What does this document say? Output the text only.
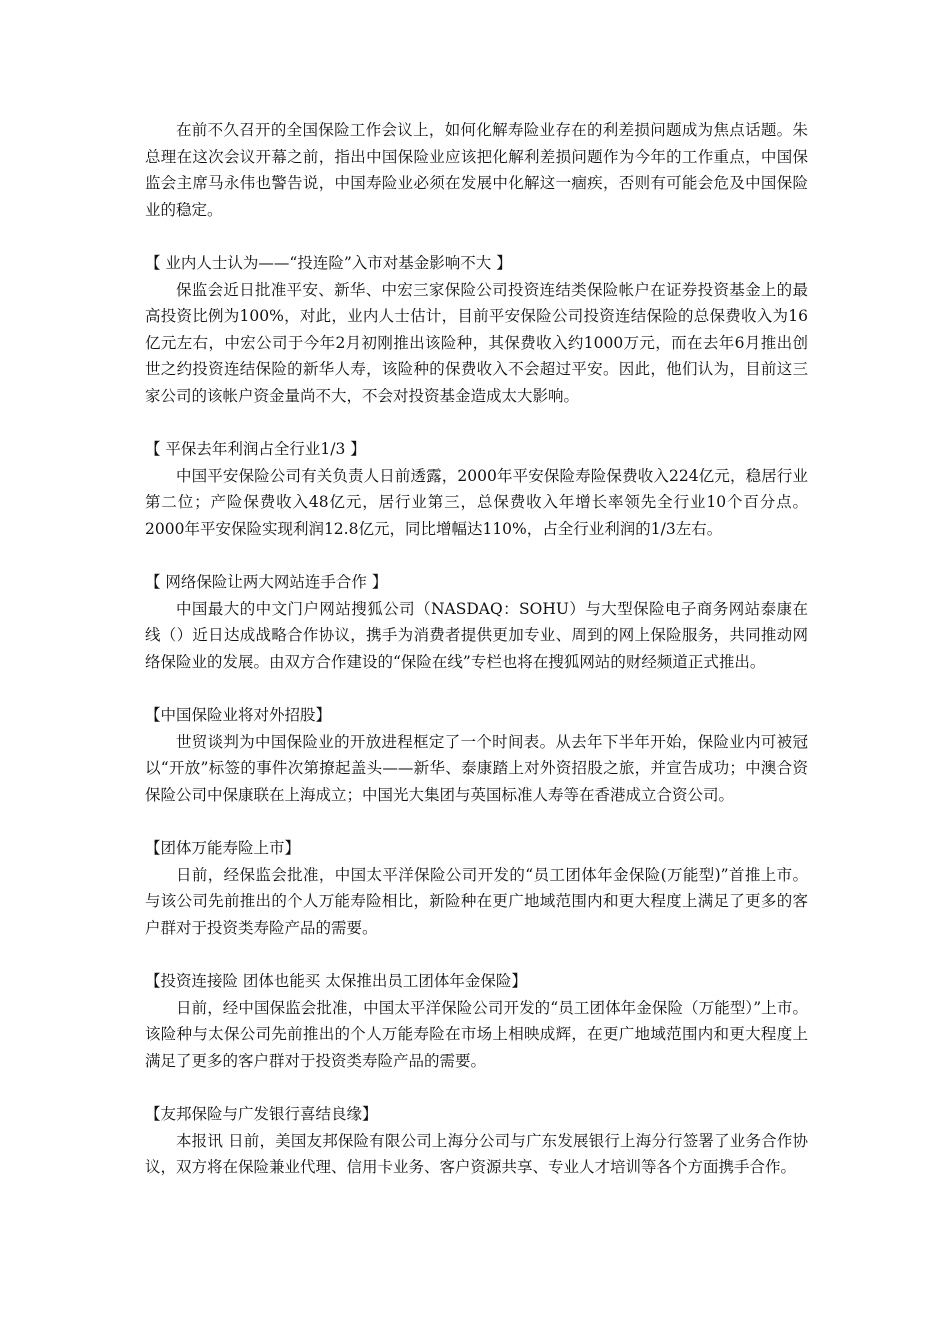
在前不久召开的全国保险工作会议上，如何化解寿险业存在的利差损问题成为焦点话题。朱总理在这次会议开幕之前，指出中国保险业应该把化解利差损问题作为今年的工作重点，中国保监会主席马永伟也警告说，中国寿险业必须在发展中化解这一痼疾，否则有可能会危及中国保险业的稳定。

【 业内人士认为——“投连险”入市对基金影响不大 】

保监会近日批准平安、新华、中宏三家保险公司投资连结类保险帐户在证券投资基金上的最高投资比例为100%，对此，业内人士估计，目前平安保险公司投资连结保险的总保费收入为16亿元左右，中宏公司于今年2月初刚推出该险种，其保费收入约1000万元，而在去年6月推出创世之约投资连结保险的新华人寿，该险种的保费收入不会超过平安。因此，他们认为，目前这三家公司的该帐户资金量尚不大，不会对投资基金造成太大影响。

【 平保去年利润占全行业1/3 】

中国平安保险公司有关负责人日前透露，2000年平安保险寿险保费收入224亿元，稳居行业第二位；产险保费收入48亿元，居行业第三，总保费收入年增长率领先全行业10个百分点。2000年平安保险实现利润12.8亿元，同比增幅达110%，占全行业利润的1/3左右。

【 网络保险让两大网站连手合作 】

中国最大的中文门户网站搜狐公司（NASDAQ：SOHU）与大型保险电子商务网站泰康在线（）近日达成战略合作协议，携手为消费者提供更加专业、周到的网上保险服务，共同推动网络保险业的发展。由双方合作建设的“保险在线”专栏也将在搜狐网站的财经频道正式推出。

【中国保险业将对外招股】

世贸谈判为中国保险业的开放进程框定了一个时间表。从去年下半年开始，保险业内可被冠以“开放”标签的事件次第撩起盖头——新华、泰康踏上对外资招股之旅，并宣告成功；中澳合资保险公司中保康联在上海成立；中国光大集团与英国标准人寿等在香港成立合资公司。

【团体万能寿险上市】

日前，经保监会批准，中国太平洋保险公司开发的“员工团体年金保险(万能型)”首推上市。与该公司先前推出的个人万能寿险相比，新险种在更广地域范围内和更大程度上满足了更多的客户群对于投资类寿险产品的需要。

【投资连接险 团体也能买 太保推出员工团体年金保险】

日前，经中国保监会批准，中国太平洋保险公司开发的“员工团体年金保险（万能型）”上市。该险种与太保公司先前推出的个人万能寿险在市场上相映成辉，在更广地域范围内和更大程度上满足了更多的客户群对于投资类寿险产品的需要。

【友邦保险与广发银行喜结良缘】

本报讯 日前，美国友邦保险有限公司上海分公司与广东发展银行上海分行签署了业务合作协议，双方将在保险兼业代理、信用卡业务、客户资源共享、专业人才培训等各个方面携手合作。
